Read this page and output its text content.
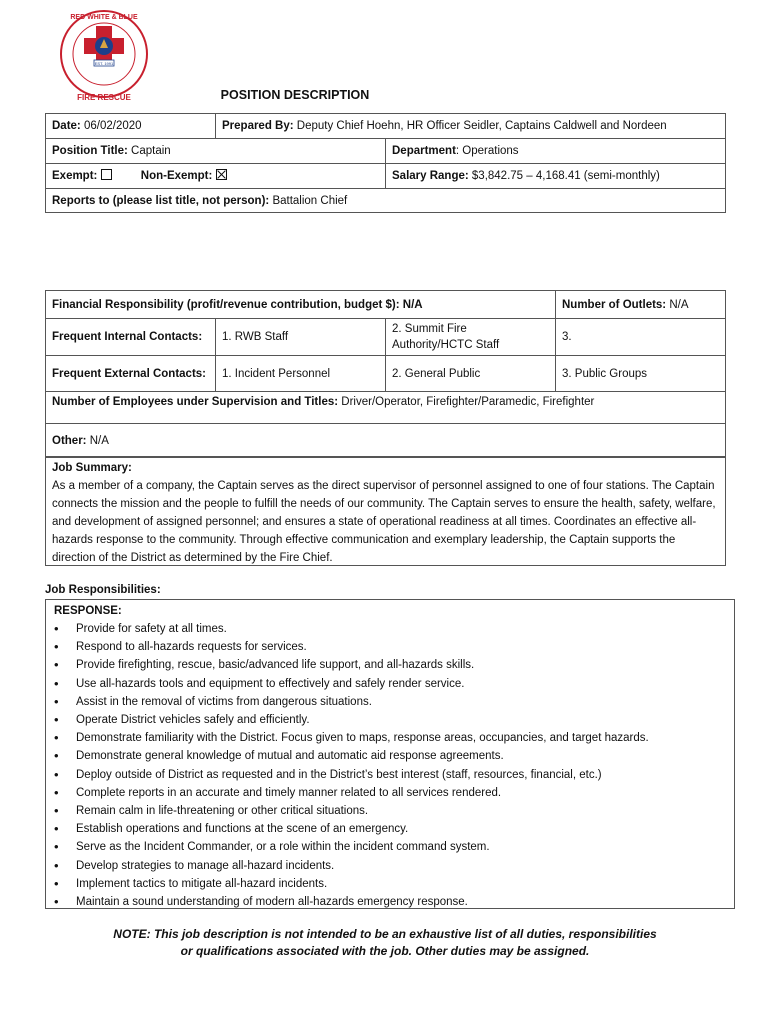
RED WHITE & BLUE
EST. 1991
FIRE RESCUE	POSITION DESCRIPTION
Date: 06/02/2020	Prepared By: Deputy Chief Hoehn, HR Officer Seidler, Captains Caldwell and Nordeen	
Position Title: Captain		Department: Operations
Exempt: Non-Exempt:		Salary Range: $3,842.75 – 4,168.41 (semi-monthly)
Reports to (please list title, not person): Battalion Chief		
Financial Responsibility (profit/revenue contribution, budget $): N/A			Number of Outlets: N/A
Frequent Internal Contacts:	1. RWB Staff	2. Summit Fire Authority/HCTC Staff	3.
Frequent External Contacts:	1. Incident Personnel	2. General Public	3. Public Groups
Number of Employees under Supervision and Titles: Driver/Operator, Firefighter/Paramedic, Firefighter			
Other: N/A			
Job Summary:
As a member of a company, the Captain serves as the direct supervisor of personnel assigned to one of four stations. The Captain connects the mission and the people to fulfill the needs of our community. The Captain serves to ensure the health, safety, welfare, and development of assigned personnel; and ensures a state of operational readiness at all times. Coordinates an effective all-hazards response to the community. Through effective communication and exemplary leadership, the Captain supports the direction of the District as determined by the Fire Chief.
Job Responsibilities:
RESPONSE:
• Provide for safety at all times.
• Respond to all-hazards requests for services.
• Provide firefighting, rescue, basic/advanced life support, and all-hazards skills.
• Use all-hazards tools and equipment to effectively and safely render service.
• Assist in the removal of victims from dangerous situations.
• Operate District vehicles safely and efficiently.
• Demonstrate familiarity with the District. Focus given to maps, response areas, occupancies, and target hazards.
• Demonstrate general knowledge of mutual and automatic aid response agreements.
• Deploy outside of District as requested and in the District’s best interest (staff, resources, financial, etc.)
• Complete reports in an accurate and timely manner related to all services rendered.
• Remain calm in life-threatening or other critical situations.
• Establish operations and functions at the scene of an emergency.
• Serve as the Incident Commander, or a role within the incident command system.
• Develop strategies to manage all-hazard incidents.
• Implement tactics to mitigate all-hazard incidents.
• Maintain a sound understanding of modern all-hazards emergency response.
NOTE: This job description is not intended to be an exhaustive list of all duties, responsibilities
or qualifications associated with the job. Other duties may be assigned.
